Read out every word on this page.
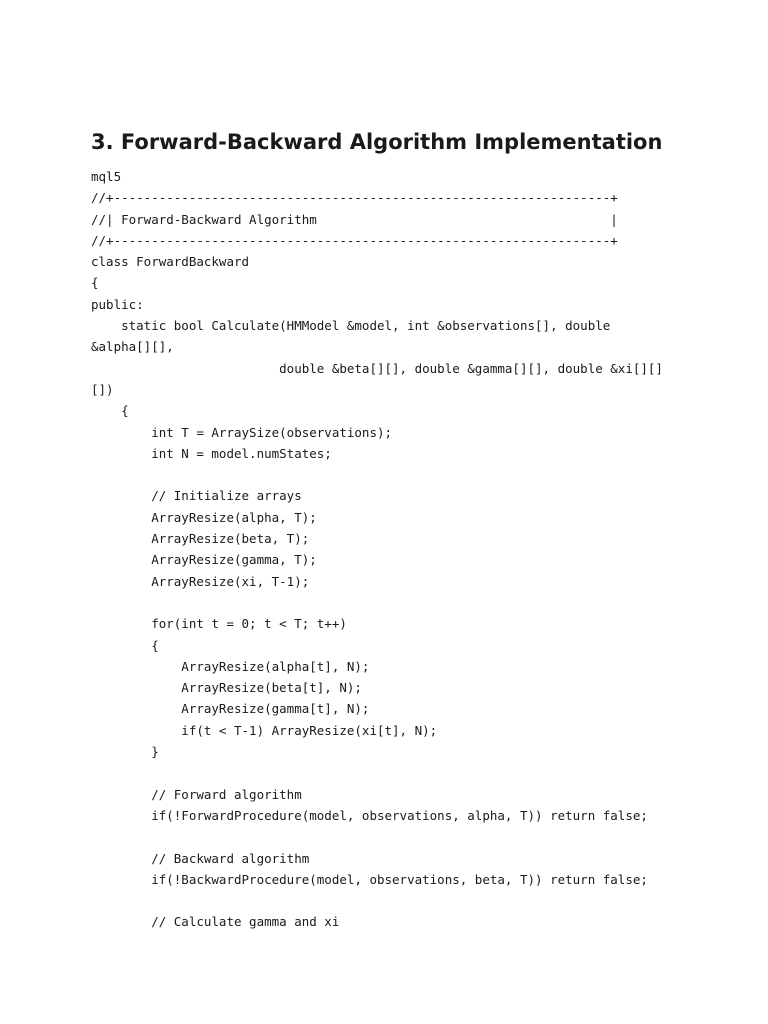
3. Forward-Backward Algorithm Implementation
mql5
//+------------------------------------------------------------------+
//| Forward-Backward Algorithm                                       |
//+------------------------------------------------------------------+
class ForwardBackward
{
public:
static bool Calculate(HMModel &model, int &observations[], double
&alpha[][],
double &beta[][], double &gamma[][], double &xi[][]
[])
{
int T = ArraySize(observations);
int N = model.numStates;
// Initialize arrays
ArrayResize(alpha, T);
ArrayResize(beta, T);
ArrayResize(gamma, T);
ArrayResize(xi, T-1);
for(int t = 0; t < T; t++)
{
ArrayResize(alpha[t], N);
ArrayResize(beta[t], N);
ArrayResize(gamma[t], N);
if(t < T-1) ArrayResize(xi[t], N);
}
// Forward algorithm
if(!ForwardProcedure(model, observations, alpha, T)) return false;
// Backward algorithm
if(!BackwardProcedure(model, observations, beta, T)) return false;
// Calculate gamma and xi
